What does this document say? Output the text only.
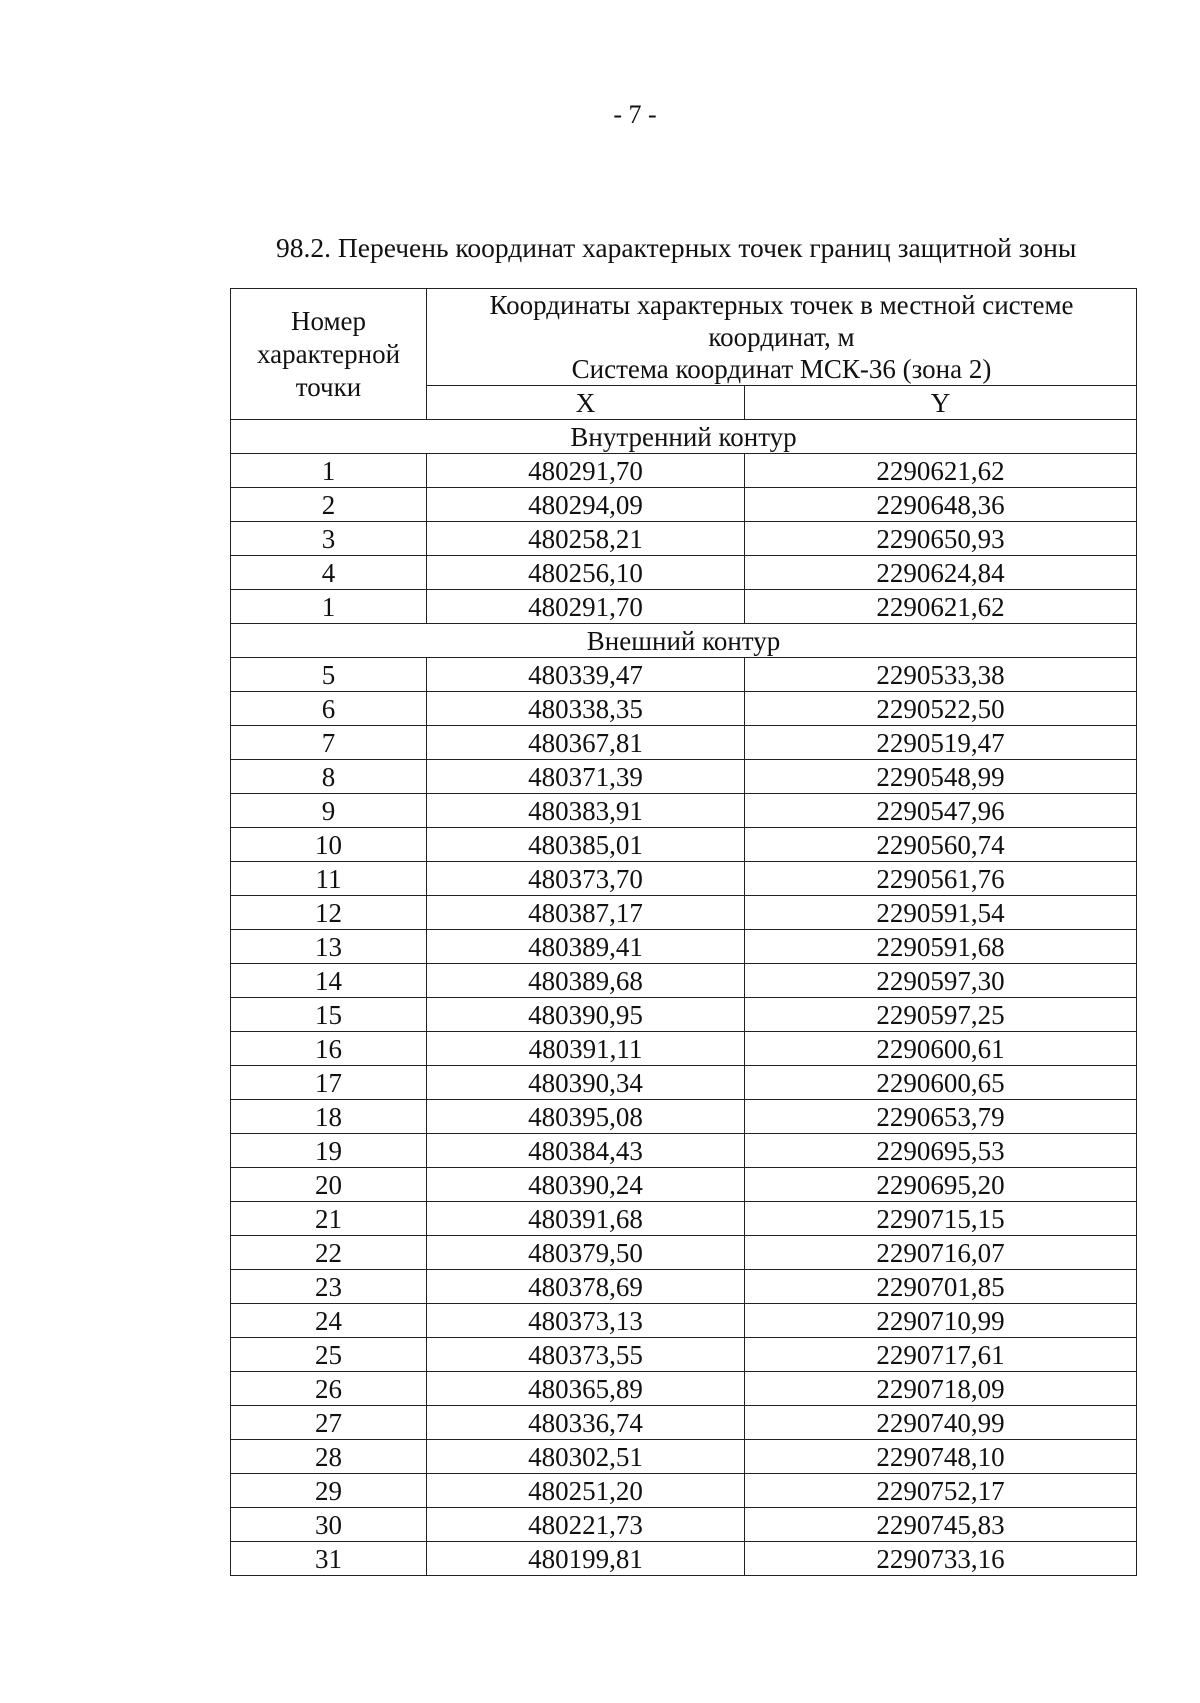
- 7 -
98.2. Перечень координат характерных точек границ защитной зоны
Номер
характерной
точки	Координаты характерных точек в местной системе
координат, м
Система координат МСК-36 (зона 2)	

	X	Y
Внутренний контур		
1	480291,70	2290621,62
2	480294,09	2290648,36
3	480258,21	2290650,93
4	480256,10	2290624,84
1	480291,70	2290621,62
Внешний контур		
5	480339,47	2290533,38
6	480338,35	2290522,50
7	480367,81	2290519,47
8	480371,39	2290548,99
9	480383,91	2290547,96
10	480385,01	2290560,74
11	480373,70	2290561,76
12	480387,17	2290591,54
13	480389,41	2290591,68
14	480389,68	2290597,30
15	480390,95	2290597,25
16	480391,11	2290600,61
17	480390,34	2290600,65
18	480395,08	2290653,79
19	480384,43	2290695,53
20	480390,24	2290695,20
21	480391,68	2290715,15
22	480379,50	2290716,07
23	480378,69	2290701,85
24	480373,13	2290710,99
25	480373,55	2290717,61
26	480365,89	2290718,09
27	480336,74	2290740,99
28	480302,51	2290748,10
29	480251,20	2290752,17
30	480221,73	2290745,83
31	480199,81	2290733,16
